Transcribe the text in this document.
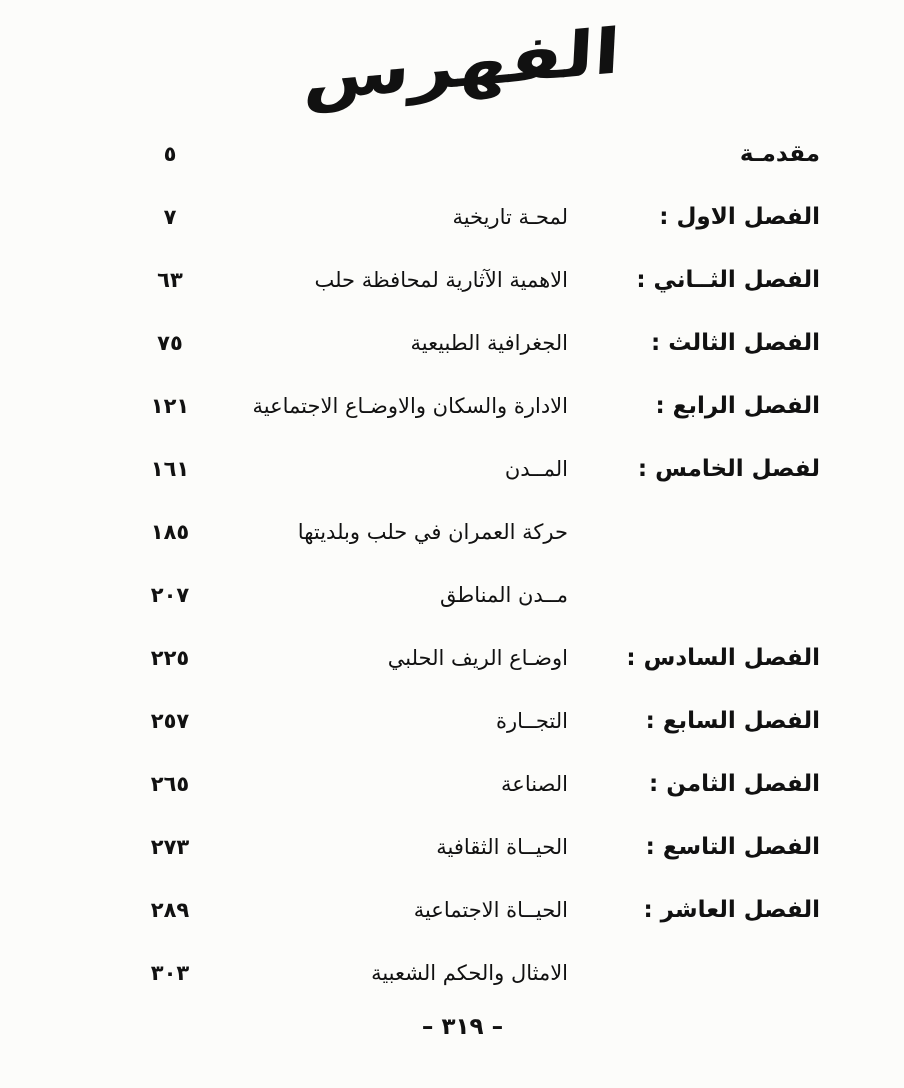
الفهرس
مقدمـة
٥
الفصل الاول :
لمحـة تاريخية
٧
الفصل الثــاني :
الاهمية الآثارية لمحافظة حلب
٦٣
الفصل الثالث :
الجغرافية الطبيعية
٧٥
الفصل الرابع :
الادارة والسكان والاوضـاع الاجتماعية
١٢١
لفصل الخامس :
المــدن
١٦١
حركة العمران في حلب وبلديتها
١٨٥
مــدن المناطق
٢٠٧
الفصل السادس :
اوضـاع الريف الحلبي
٢٢٥
الفصل السابع :
التجــارة
٢٥٧
الفصل الثامن :
الصناعة
٢٦٥
الفصل التاسع :
الحيــاة الثقافية
٢٧٣
الفصل العاشر :
الحيــاة الاجتماعية
٢٨٩
الامثال والحكم الشعبية
٣٠٣
– ٣١٩ –
